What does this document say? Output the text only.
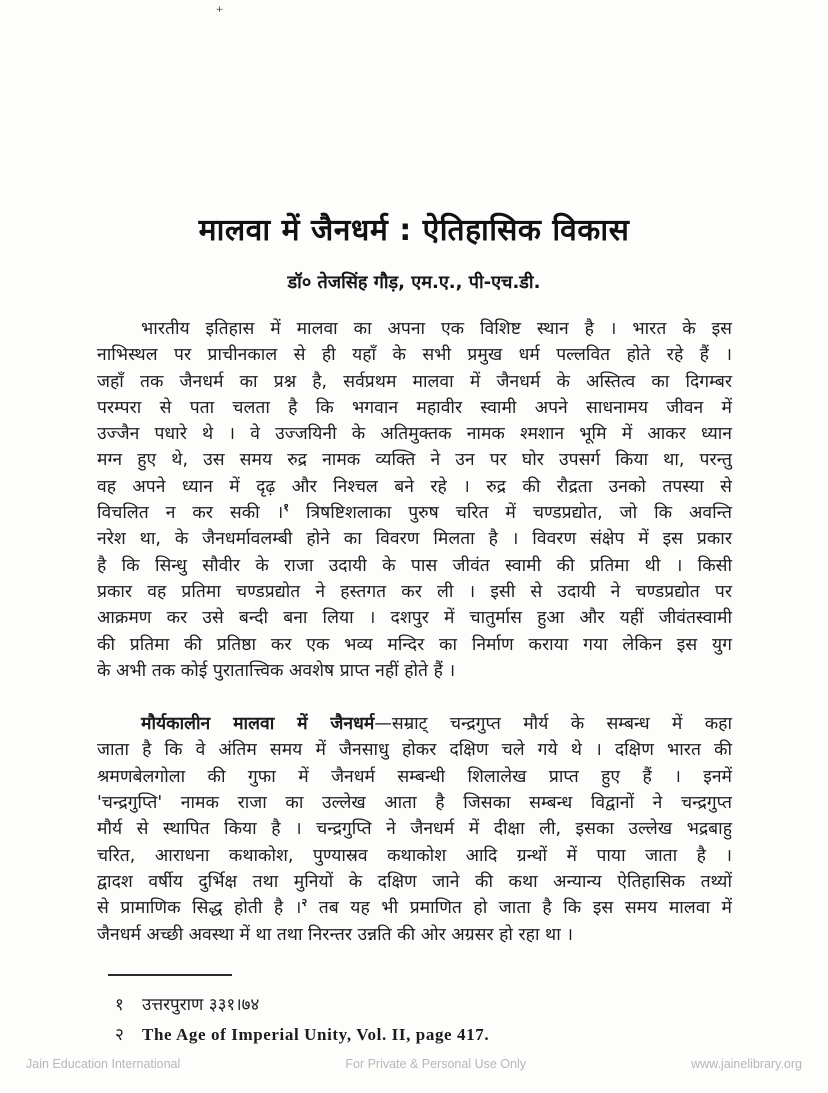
+
मालवा में जैनधर्म : ऐतिहासिक विकास
डॉ० तेजसिंह गौड़, एम.ए., पी-एच.डी.
भारतीय इतिहास में मालवा का अपना एक विशिष्ट स्थान है । भारत के इस
नाभिस्थल पर प्राचीनकाल से ही यहाँ के सभी प्रमुख धर्म पल्लवित होते रहे हैं ।
जहाँ तक जैनधर्म का प्रश्न है, सर्वप्रथम मालवा में जैनधर्म के अस्तित्व का दिगम्बर
परम्परा से पता चलता है कि भगवान महावीर स्वामी अपने साधनामय जीवन में
उज्जैन पधारे थे । वे उज्जयिनी के अतिमुक्तक नामक श्मशान भूमि में आकर ध्यान
मग्न हुए थे, उस समय रुद्र नामक व्यक्ति ने उन पर घोर उपसर्ग किया था, परन्तु
वह अपने ध्यान में दृढ़ और निश्चल बने रहे । रुद्र की रौद्रता उनको तपस्या से
विचलित न कर सकी ।$^१$ त्रिषष्टिशलाका पुरुष चरित में चण्डप्रद्योत, जो कि अवन्ति
नरेश था, के जैनधर्मावलम्बी होने का विवरण मिलता है । विवरण संक्षेप में इस प्रकार
है कि सिन्धु सौवीर के राजा उदायी के पास जीवंत स्वामी की प्रतिमा थी । किसी
प्रकार वह प्रतिमा चण्डप्रद्योत ने हस्तगत कर ली । इसी से उदायी ने चण्डप्रद्योत पर
आक्रमण कर उसे बन्दी बना लिया । दशपुर में चातुर्मास हुआ और यहीं जीवंतस्वामी
की प्रतिमा की प्रतिष्ठा कर एक भव्य मन्दिर का निर्माण कराया गया लेकिन इस युग
के अभी तक कोई पुरातात्त्विक अवशेष प्राप्त नहीं होते हैं ।
मौर्यकालीन मालवा में जैनधर्म—सम्राट् चन्द्रगुप्त मौर्य के सम्बन्ध में कहा
जाता है कि वे अंतिम समय में जैनसाधु होकर दक्षिण चले गये थे । दक्षिण भारत की
श्रमणबेलगोला की गुफा में जैनधर्म सम्बन्धी शिलालेख प्राप्त हुए हैं । इनमें
'चन्द्रगुप्ति' नामक राजा का उल्लेख आता है जिसका सम्बन्ध विद्वानों ने चन्द्रगुप्त
मौर्य से स्थापित किया है । चन्द्रगुप्ति ने जैनधर्म में दीक्षा ली, इसका उल्लेख भद्रबाहु
चरित, आराधना कथाकोश, पुण्यास्रव कथाकोश आदि ग्रन्थों में पाया जाता है ।
द्वादश वर्षीय दुर्भिक्ष तथा मुनियों के दक्षिण जाने की कथा अन्यान्य ऐतिहासिक तथ्यों
से प्रामाणिक सिद्ध होती है ।$^२$ तब यह भी प्रमाणित हो जाता है कि इस समय मालवा में
जैनधर्म अच्छी अवस्था में था तथा निरन्तर उन्नति की ओर अग्रसर हो रहा था ।
१	उत्तरपुराण ३३१।७४
२	The Age of Imperial Unity, Vol. II, page 417.
Jain Education International	For Private & Personal Use Only	www.jainelibrary.org
